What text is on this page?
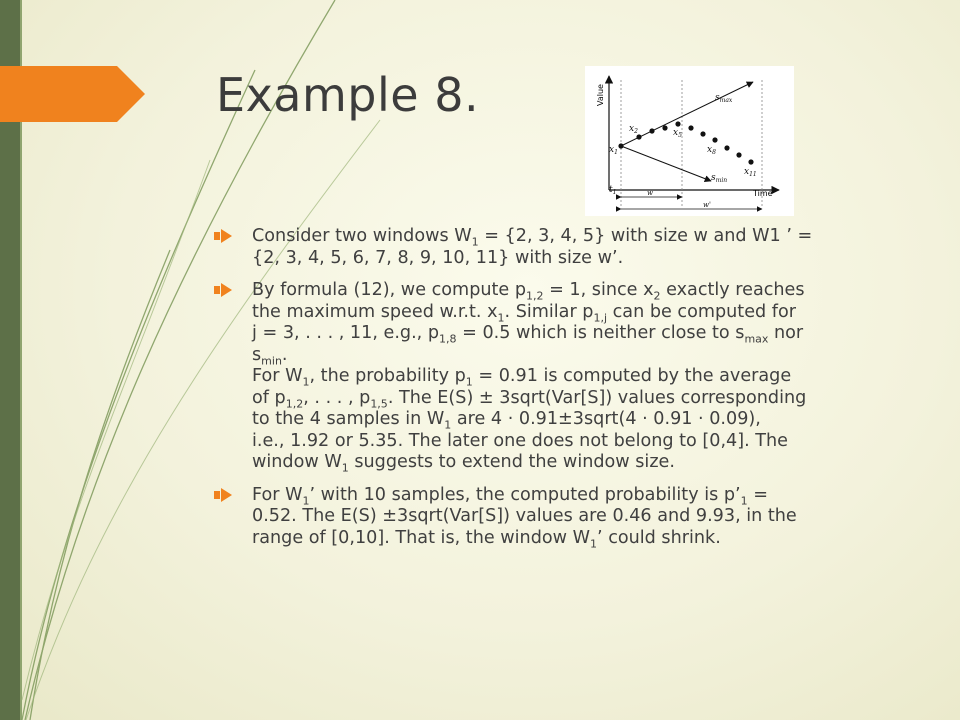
Example 8.	Value
Time
$s_{max}$
$s_{min}$
$x_1$
$x_2$	$x_5$
$x_8$
$x_{11}$
$t_1$	w
w'
Consider two windows $W_1 = \{2$, 3, 4, 5} with size w and W1 ’ =
{2, 3, 4, 5, 6, 7, 8, 9, 10, 11} with size w’.
By formula (12), we compute $p_{1,2} = 1$, since $x_2$ exactly reaches
the maximum speed w.r.t. $x_1$. Similar $p_{1,j}$ can be computed for
j = 3, . . . , 11, e.g., $p_{1,8} = 0.5$ which is neither close to $s_{max}$ nor
$s_{min}$.
For $W_1$, the probability $p_1 = 0.91$ is computed by the average
of $p_{1,2}$, . . . , $p_{1,5}$. The E(S) ± 3sqrt(Var[S]) values corresponding
to the 4 samples in $W_1$ are 4 · 0.91±3sqrt(4 · 0.91 · 0.09),
i.e., 1.92 or 5.35. The later one does not belong to [0,4]. The
window $W_1$ suggests to extend the window size.
For $W_1$’ with 10 samples, the computed probability is $p’_1$ =
0.52. The E(S) ±3sqrt(Var[S]) values are 0.46 and 9.93, in the
range of [0,10]. That is, the window $W_1$’ could shrink.
